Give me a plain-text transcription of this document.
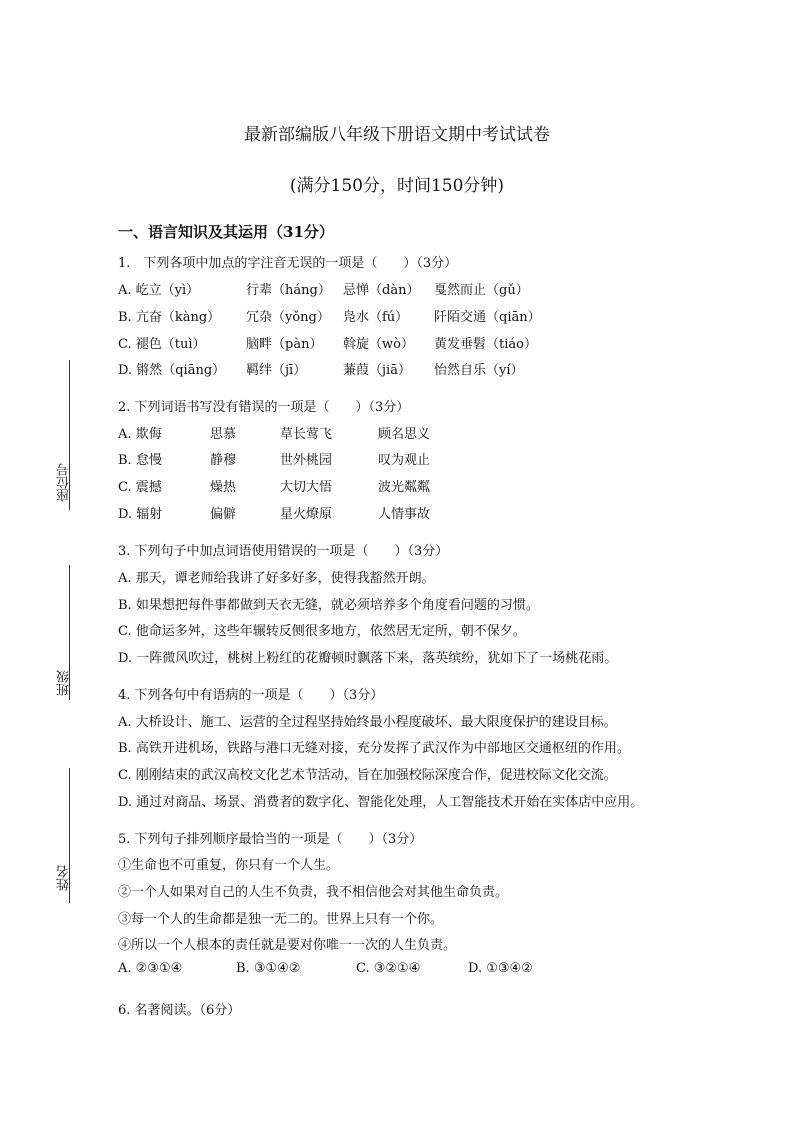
最新部编版八年级下册语文期中考试试卷
(满分150分，时间150分钟)
一、语言知识及其运用（31分）
座位号
班级
姓名
1.　下列各项中加点的字注音无误的一项是（　　）（3分）
A. 屹立（yì）	行辈（háng） 忌惮（dàn） 戛然而止（gǔ）
B. 亢奋（kàng） 冗杂（yǒng） 凫水（fú） 阡陌交通（qiān）
C. 褪色（tuì）	脑畔（pàn） 斡旋（wò） 黄发垂髫（tiáo）
D. 锵然（qiāng） 羁绊（jī）	蒹葭（jiā） 怡然自乐（yí）
2. 下列词语书写没有错误的一项是（　　）（3分）
A. 欺侮	思慕	草长莺飞	顾名思义
B. 怠慢	静穆	世外桃园	叹为观止
C. 震撼	燥热	大切大悟	波光粼粼
D. 辐射	偏僻	星火燎原	人情事故
3. 下列句子中加点词语使用错误的一项是（　　）（3分）
A. 那天，谭老师给我讲了好多好多，使得我豁然开朗。
B. 如果想把每件事都做到天衣无缝，就必须培养多个角度看问题的习惯。
C. 他命运多舛，这些年辗转反侧很多地方，依然居无定所，朝不保夕。
D. 一阵微风吹过，桃树上粉红的花瓣顿时飘落下来，落英缤纷，犹如下了一场桃花雨。
4. 下列各句中有语病的一项是（　　）（3分）
A. 大桥设计、施工、运营的全过程坚持始终最小程度破坏、最大限度保护的建设目标。
B. 高铁开进机场，铁路与港口无缝对接，充分发挥了武汉作为中部地区交通枢纽的作用。
C. 刚刚结束的武汉高校文化艺术节活动，旨在加强校际深度合作，促进校际文化交流。
D. 通过对商品、场景、消费者的数字化、智能化处理，人工智能技术开始在实体店中应用。
5. 下列句子排列顺序最恰当的一项是（　　）（3分）
①生命也不可重复，你只有一个人生。
②一个人如果对自己的人生不负责，我不相信他会对其他生命负责。
③每一个人的生命都是独一无二的。世界上只有一个你。
④所以一个人根本的责任就是要对你唯一一次的人生负责。
A. ②③①④	B. ③①④②	C. ③②①④	D. ①③④②
6. 名著阅读。（6分）
